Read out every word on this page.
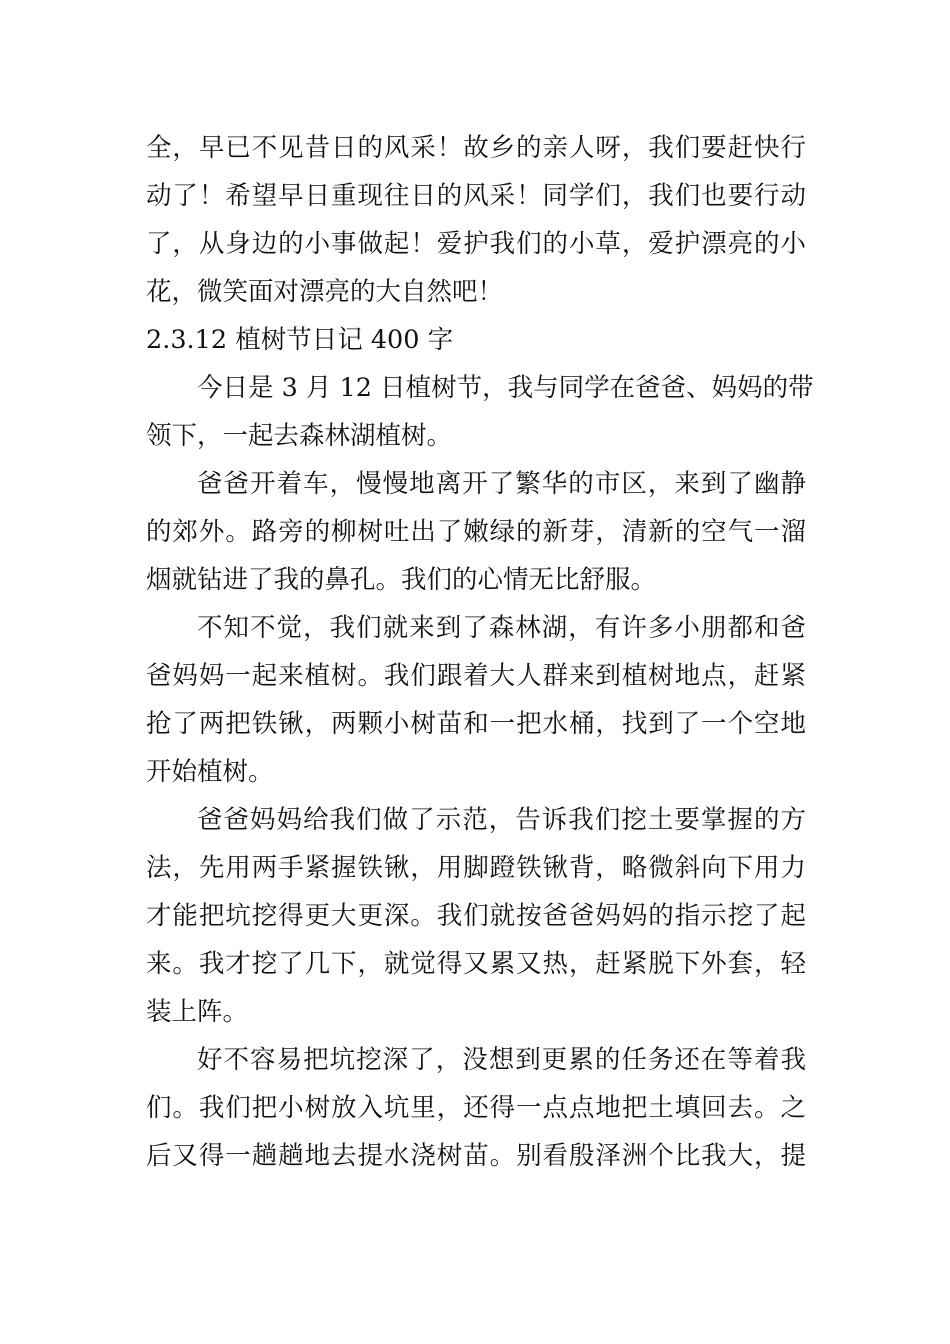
全，早已不见昔日的风采！故乡的亲人呀，我们要赶快行
动了！希望早日重现往日的风采！同学们，我们也要行动
了，从身边的小事做起！爱护我们的小草，爱护漂亮的小
花，微笑面对漂亮的大自然吧！
2.3.12 植树节日记 400 字
今日是 3 月 12 日植树节，我与同学在爸爸、妈妈的带
领下，一起去森林湖植树。
爸爸开着车，慢慢地离开了繁华的市区，来到了幽静
的郊外。路旁的柳树吐出了嫩绿的新芽，清新的空气一溜
烟就钻进了我的鼻孔。我们的心情无比舒服。
不知不觉，我们就来到了森林湖，有许多小朋都和爸
爸妈妈一起来植树。我们跟着大人群来到植树地点，赶紧
抢了两把铁锹，两颗小树苗和一把水桶，找到了一个空地
开始植树。
爸爸妈妈给我们做了示范，告诉我们挖土要掌握的方
法，先用两手紧握铁锹，用脚蹬铁锹背，略微斜向下用力
才能把坑挖得更大更深。我们就按爸爸妈妈的指示挖了起
来。我才挖了几下，就觉得又累又热，赶紧脱下外套，轻
装上阵。
好不容易把坑挖深了，没想到更累的任务还在等着我
们。我们把小树放入坑里，还得一点点地把土填回去。之
后又得一趟趟地去提水浇树苗。别看殷泽洲个比我大，提
